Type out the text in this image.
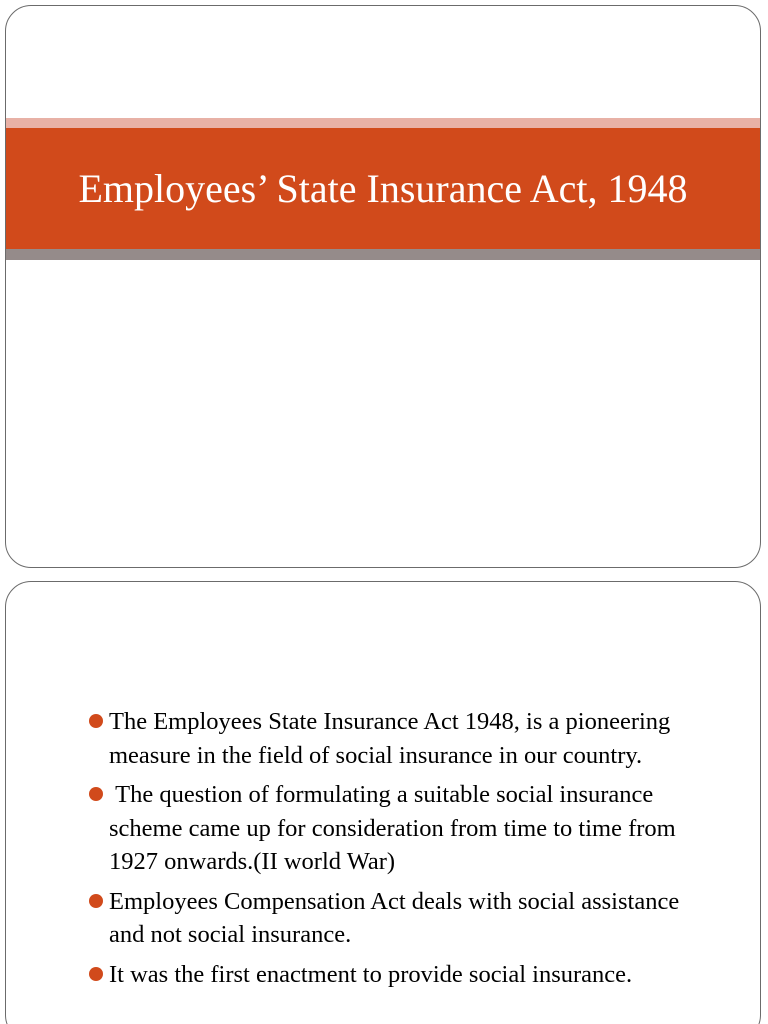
Employees’ State Insurance Act, 1948
The Employees State Insurance Act 1948, is a pioneering measure in the field of social insurance in our country.
The question of formulating a suitable social insurance scheme came up for consideration from time to time from 1927 onwards.(II world War)
Employees Compensation Act deals with social assistance and not social insurance.
It was the first enactment to provide social insurance.
